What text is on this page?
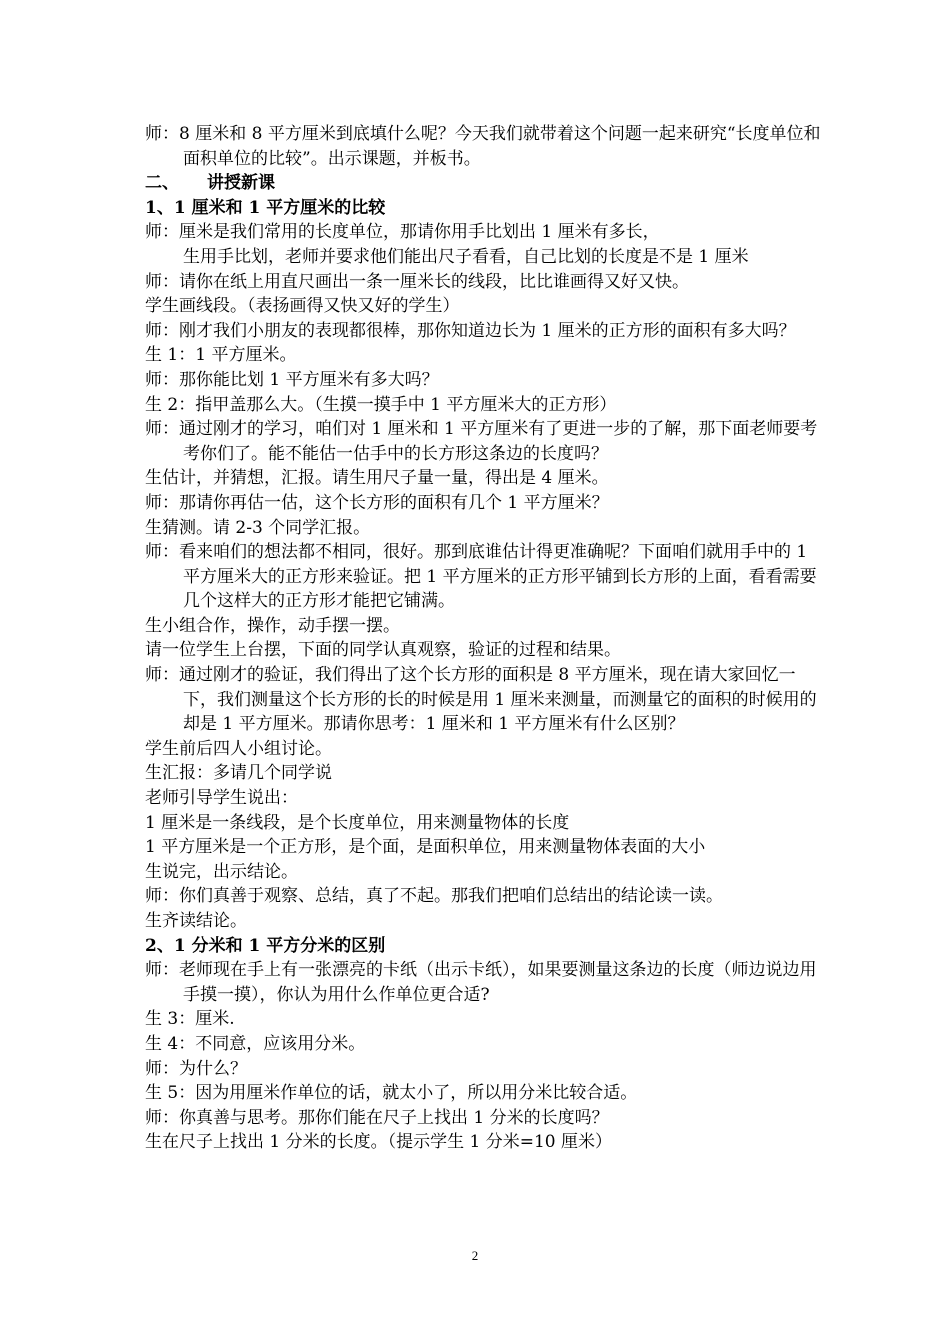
师：8 厘米和 8 平方厘米到底填什么呢？今天我们就带着这个问题一起来研究“长度单位和面积单位的比较”。出示课题，并板书。

二、 讲授新课

1、1 厘米和 1 平方厘米的比较

师：厘米是我们常用的长度单位，那请你用手比划出 1 厘米有多长，

生用手比划，老师并要求他们能出尺子看看，自己比划的长度是不是 1 厘米

师：请你在纸上用直尺画出一条一厘米长的线段，比比谁画得又好又快。

学生画线段。（表扬画得又快又好的学生）

师：刚才我们小朋友的表现都很棒，那你知道边长为 1 厘米的正方形的面积有多大吗？

生 1：1 平方厘米。

师：那你能比划 1 平方厘米有多大吗？

生 2：指甲盖那么大。（生摸一摸手中 1 平方厘米大的正方形）

师：通过刚才的学习，咱们对 1 厘米和 1 平方厘米有了更进一步的了解，那下面老师要考考你们了。能不能估一估手中的长方形这条边的长度吗？

生估计，并猜想，汇报。请生用尺子量一量，得出是 4 厘米。

师：那请你再估一估，这个长方形的面积有几个 1 平方厘米？

生猜测。请 2-3 个同学汇报。

师：看来咱们的想法都不相同，很好。那到底谁估计得更准确呢？下面咱们就用手中的 1 平方厘米大的正方形来验证。把 1 平方厘米的正方形平铺到长方形的上面，看看需要几个这样大的正方形才能把它铺满。

生小组合作，操作，动手摆一摆。

请一位学生上台摆，下面的同学认真观察，验证的过程和结果。

师：通过刚才的验证，我们得出了这个长方形的面积是 8 平方厘米，现在请大家回忆一下，我们测量这个长方形的长的时候是用 1 厘米来测量，而测量它的面积的时候用的却是 1 平方厘米。那请你思考：1 厘米和 1 平方厘米有什么区别？

学生前后四人小组讨论。

生汇报：多请几个同学说

老师引导学生说出：

1 厘米是一条线段，是个长度单位，用来测量物体的长度

1 平方厘米是一个正方形，是个面，是面积单位，用来测量物体表面的大小

生说完，出示结论。

师：你们真善于观察、总结，真了不起。那我们把咱们总结出的结论读一读。

生齐读结论。

2、1 分米和 1 平方分米的区别

师：老师现在手上有一张漂亮的卡纸（出示卡纸），如果要测量这条边的长度（师边说边用手摸一摸），你认为用什么作单位更合适?

生 3：厘米.

生 4：不同意，应该用分米。

师：为什么？

生 5：因为用厘米作单位的话，就太小了，所以用分米比较合适。

师：你真善与思考。那你们能在尺子上找出 1 分米的长度吗？

生在尺子上找出 1 分米的长度。（提示学生 1 分米=10 厘米）

2
